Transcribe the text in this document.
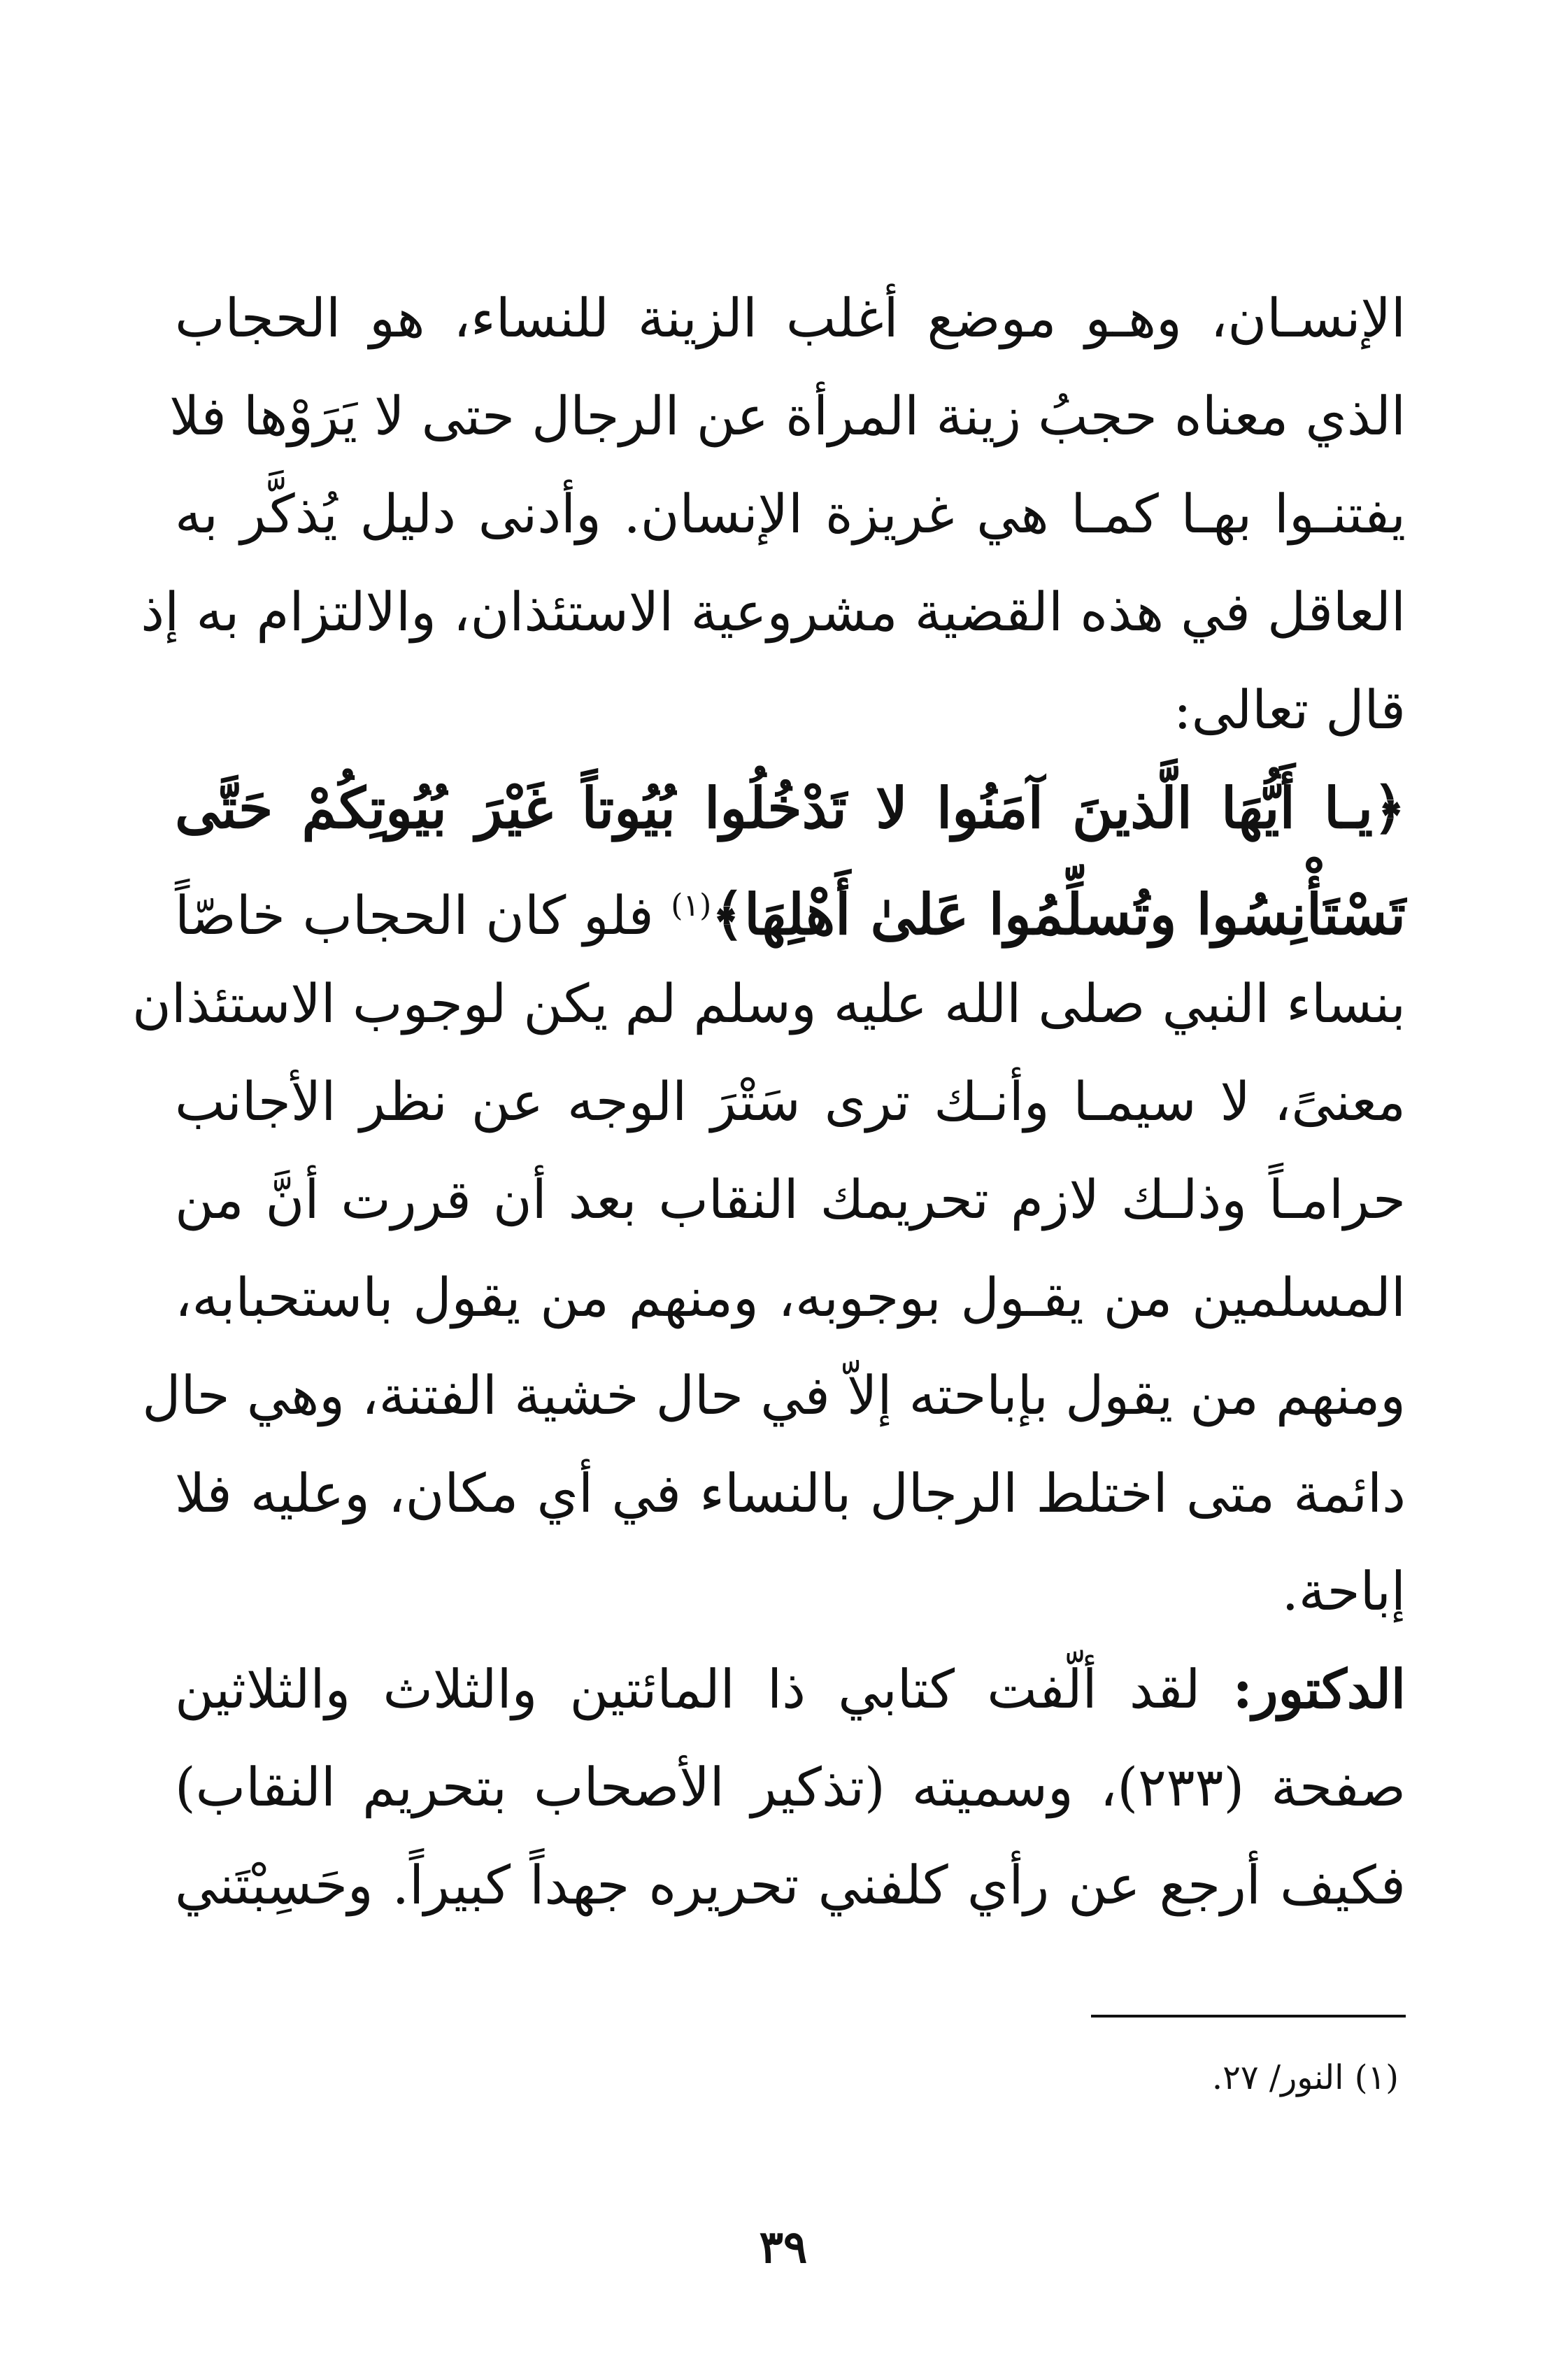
الإنسـان، وهـو موضع أغلب الزينة للنساء، هو الحجاب
الذي معناه حجبُ زينة المرأة عن الرجال حتى لا يَرَوْها فلا
يفتنـوا بهـا كمـا هي غريزة الإنسان. وأدنى دليل يُذكَّر به
العاقل في هذه القضية مشروعية الاستئذان، والالتزام به إذ
قال تعالى:
﴿يـا أَيُّهَا الَّذينَ آمَنُوا لا تَدْخُلُوا بُيُوتاً غَيْرَ بُيُوتِكُمْ حَتَّى
تَسْتَأْنِسُوا وتُسلِّمُوا عَلىٰ أَهْلِهَا﴾$^{(١)}$ فلو كان الحجاب خاصّاً
بنساء النبي صلى الله عليه وسلم لم يكن لوجوب الاستئذان
معنىً، لا سيمـا وأنـك ترى سَتْرَ الوجه عن نظر الأجانب
حرامـاً وذلـك لازم تحريمك النقاب بعد أن قررت أنَّ من
المسلمين من يقـول بوجوبه، ومنهم من يقول باستحبابه،
ومنهم من يقول بإباحته إلاّ في حال خشية الفتنة، وهي حال
دائمة متى اختلط الرجال بالنساء في أي مكان، وعليه فلا
إباحة.
الدكتور: لقد ألّفت كتابي ذا المائتين والثلاث والثلاثين
صفحة (٢٣٣)، وسميته (تذكير الأصحاب بتحريم النقاب)
فكيف أرجع عن رأي كلفني تحريره جهداً كبيراً. وحَسِبْتَني
(١) النور/ ٢٧.
٣٩
